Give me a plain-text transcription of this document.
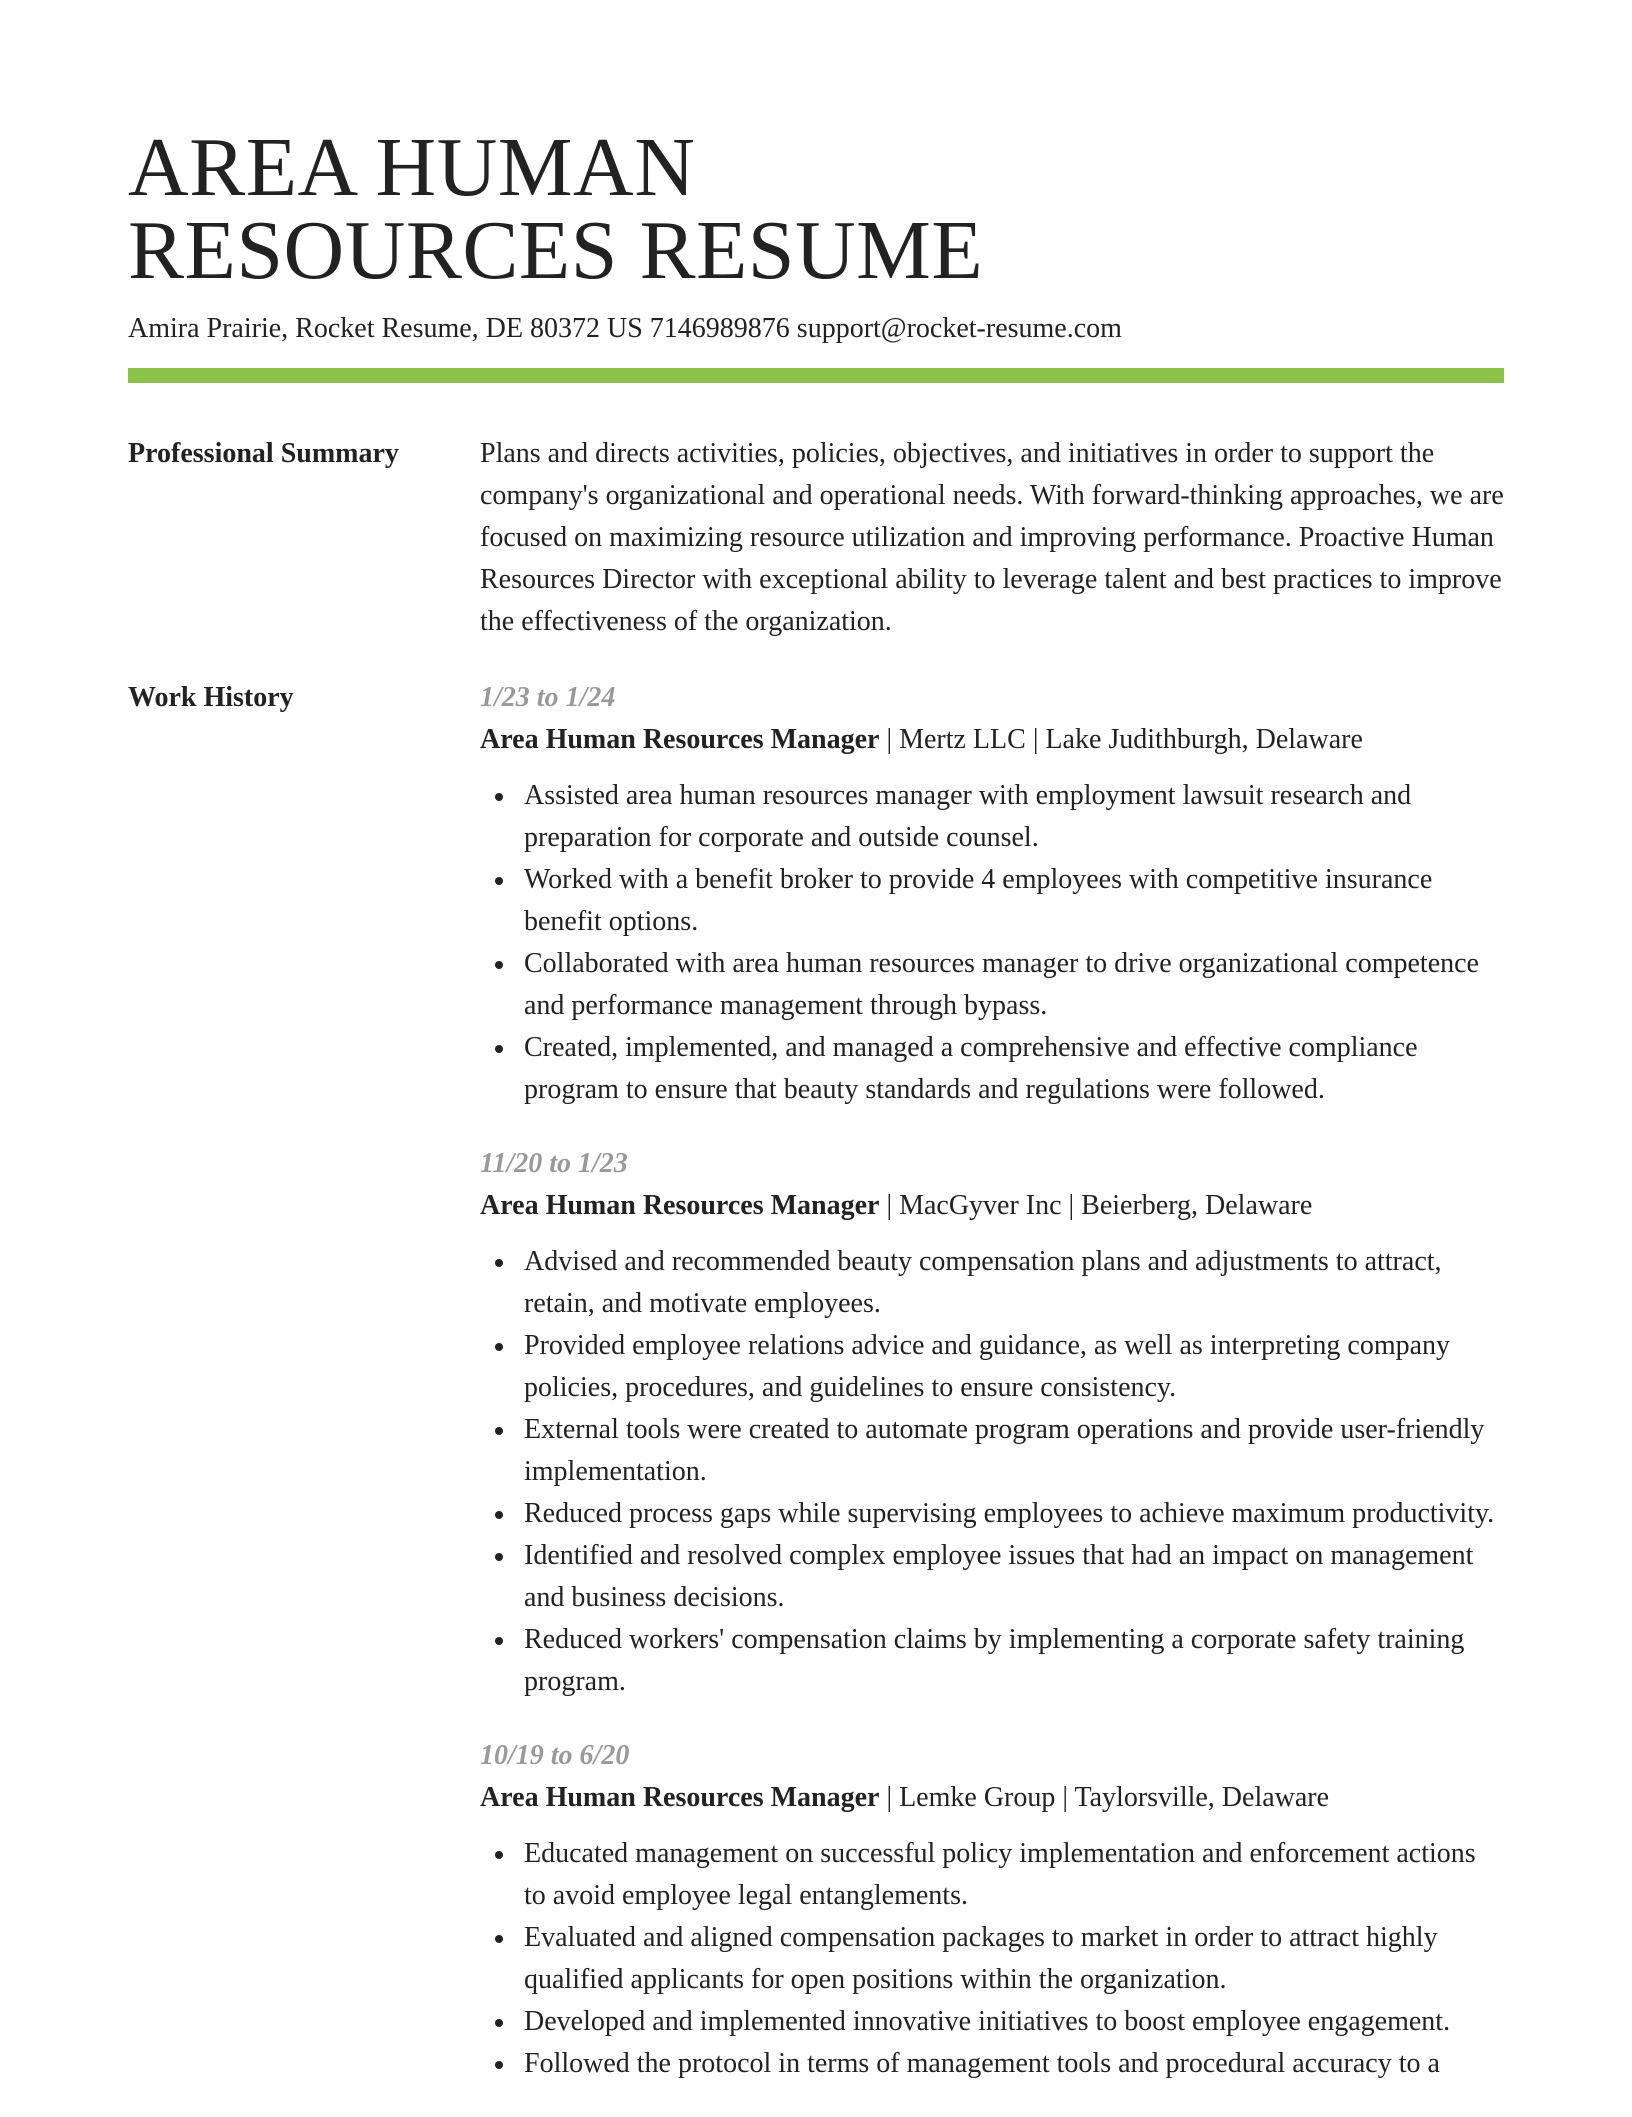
AREA HUMAN
RESOURCES RESUME
Amira Prairie, Rocket Resume, DE 80372 US 7146989876 support@rocket-resume.com
Professional Summary	Plans and directs activities, policies, objectives, and initiatives in order to support the company's organizational and operational needs. With forward-thinking approaches, we are focused on maximizing resource utilization and improving performance. Proactive Human Resources Director with exceptional ability to leverage talent and best practices to improve the effectiveness of the organization.
Work History	1/23 to 1/24
Area Human Resources Manager | Mertz LLC | Lake Judithburgh, Delaware
Assisted area human resources manager with employment lawsuit research and preparation for corporate and outside counsel.
Worked with a benefit broker to provide 4 employees with competitive insurance benefit options.
Collaborated with area human resources manager to drive organizational competence and performance management through bypass.
Created, implemented, and managed a comprehensive and effective compliance program to ensure that beauty standards and regulations were followed.
11/20 to 1/23
Area Human Resources Manager | MacGyver Inc | Beierberg, Delaware
Advised and recommended beauty compensation plans and adjustments to attract, retain, and motivate employees.
Provided employee relations advice and guidance, as well as interpreting company policies, procedures, and guidelines to ensure consistency.
External tools were created to automate program operations and provide user-friendly implementation.
Reduced process gaps while supervising employees to achieve maximum productivity.
Identified and resolved complex employee issues that had an impact on management and business decisions.
Reduced workers' compensation claims by implementing a corporate safety training program.
10/19 to 6/20
Area Human Resources Manager | Lemke Group | Taylorsville, Delaware
Educated management on successful policy implementation and enforcement actions to avoid employee legal entanglements.
Evaluated and aligned compensation packages to market in order to attract highly qualified applicants for open positions within the organization.
Developed and implemented innovative initiatives to boost employee engagement.
Followed the protocol in terms of management tools and procedural accuracy to a
